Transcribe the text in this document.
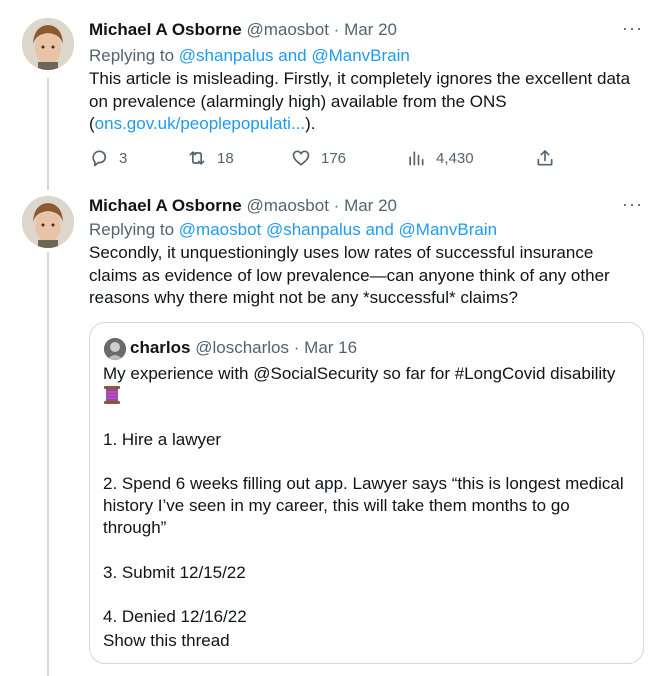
Michael A Osborne @maosbot · Mar 20	···
Replying to @shanpalus and @ManvBrain
This article is misleading. Firstly, it completely ignores the excellent data
on prevalence (alarmingly high) available from the ONS
(ons.gov.uk/peoplepopulati...).
3	18	176	4,430
Michael A Osborne @maosbot · Mar 20	···
Replying to @maosbot @shanpalus and @ManvBrain
Secondly, it unquestioningly uses low rates of successful insurance
claims as evidence of low prevalence—can anyone think of any other
reasons why there might not be any *successful* claims?
charlos @loscharlos · Mar 16
My experience with @SocialSecurity so far for #LongCovid disability
1. Hire a lawyer
2. Spend 6 weeks filling out app. Lawyer says “this is longest medical
history I’ve seen in my career, this will take them months to go
through”
3. Submit 12/15/22
4. Denied 12/16/22
Show this thread
